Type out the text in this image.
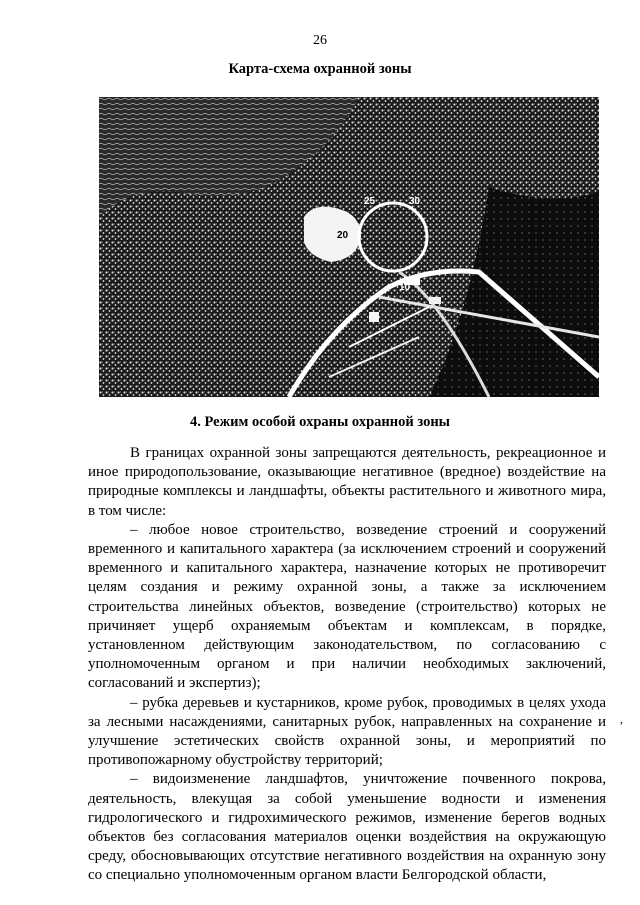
26
Карта-схема охранной зоны
20
25	30
10
4. Режим особой охраны охранной зоны

В границах охранной зоны запрещаются деятельность, рекреационное и иное природопользование, оказывающие негативное (вредное) воздействие на природные комплексы и ландшафты, объекты растительного и животного мира, в том числе:

– любое новое строительство, возведение строений и сооружений временного и капитального характера (за исключением строений и сооружений временного и капитального характера, назначение которых не противоречит целям создания и режиму охранной зоны, а также за исключением строительства линейных объектов, возведение (строительство) которых не причиняет ущерб охраняемым объектам и комплексам, в порядке, установленном действующим законодательством, по согласованию с уполномоченным органом и при наличии необходимых заключений, согласований и экспертиз);

– рубка деревьев и кустарников, кроме рубок, проводимых в целях ухода за лесными насаждениями, санитарных рубок, направленных на сохранение и улучшение эстетических свойств охранной зоны, и мероприятий по противопожарному обустройству территорий;

– видоизменение ландшафтов, уничтожение почвенного покрова, деятельность, влекущая за собой уменьшение водности и изменения гидрологического и гидрохимического режимов, изменение берегов водных объектов без согласования материалов оценки воздействия на окружающую среду, обосновывающих отсутствие негативного воздействия на охранную зону со специально уполномоченным органом власти Белгородской области,

,
